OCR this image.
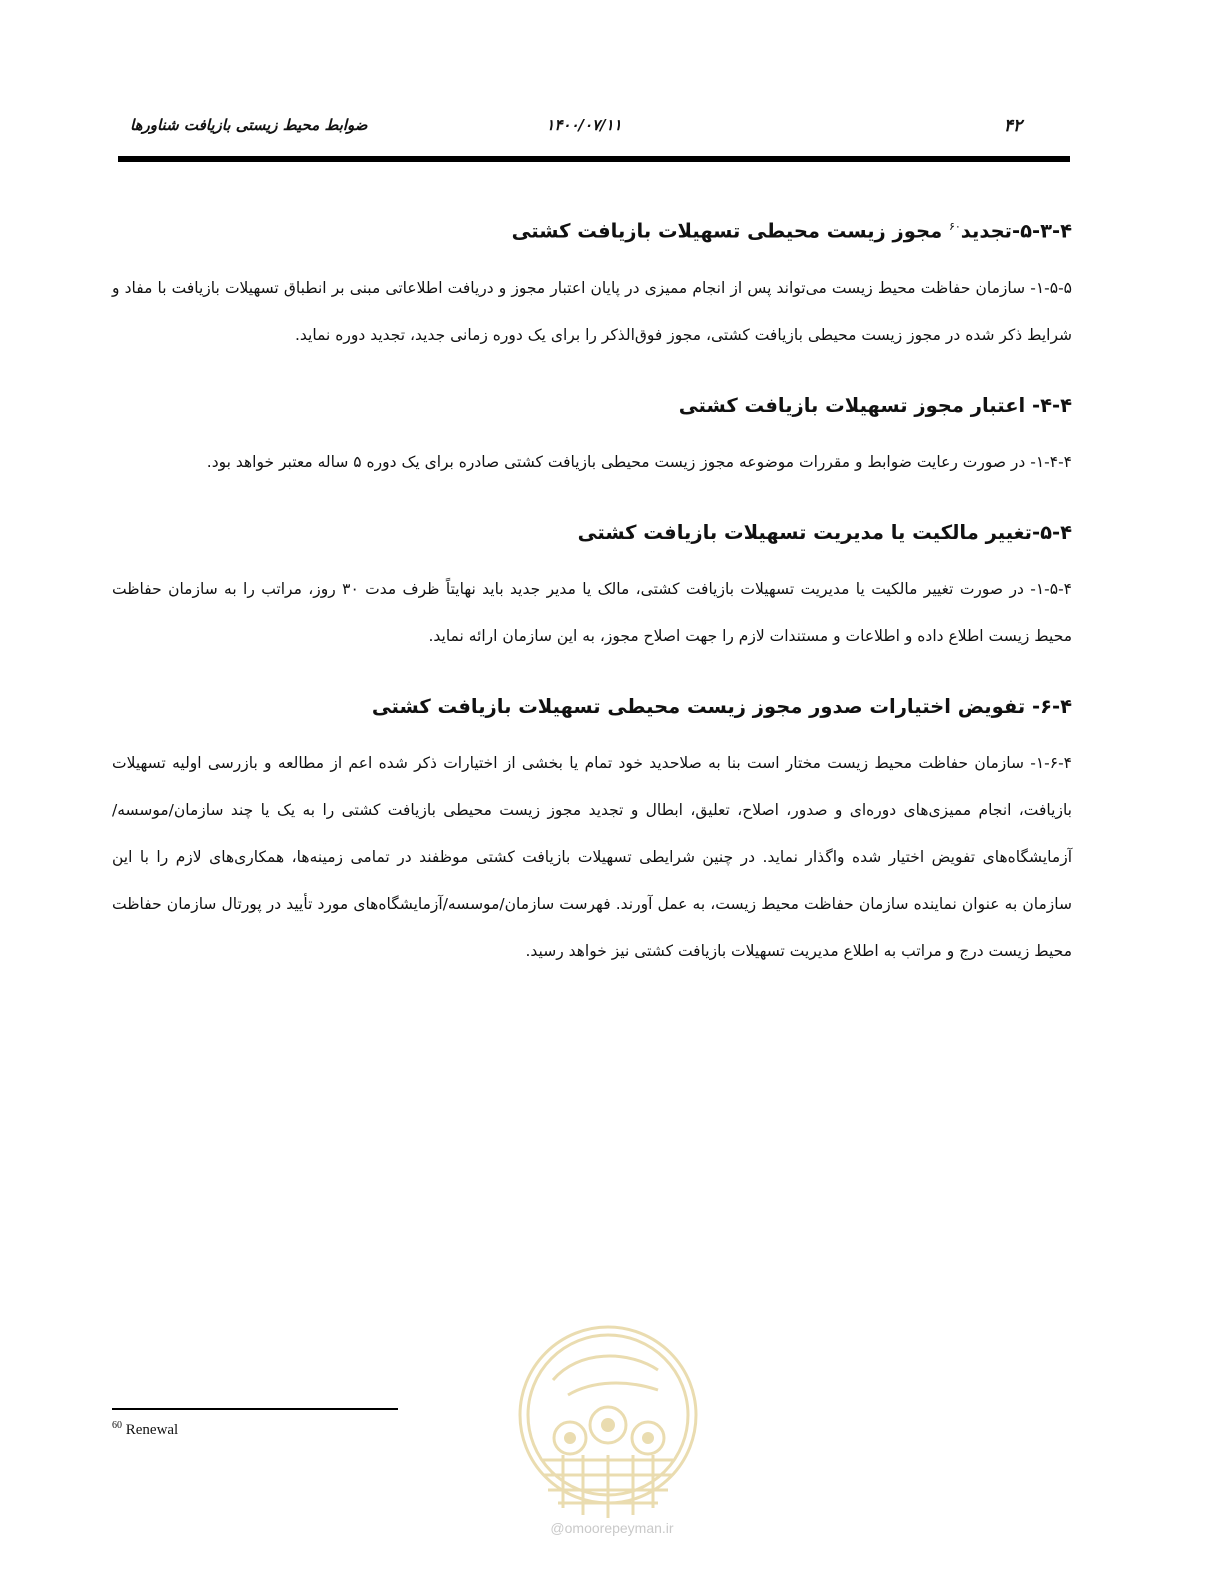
۴۲
۱۴۰۰/۰۷/۱۱
ضوابط محیط زیستی بازیافت شناورها
۵-۳-۴-تجدید$^{۶۰}$ مجوز زیست محیطی تسهیلات بازیافت کشتی

۱-۵-۵- سازمان حفاظت محیط زیست می‌تواند پس از انجام ممیزی در پایان اعتبار مجوز و دریافت اطلاعاتی مبنی بر انطباق تسهیلات بازیافت با مفاد و شرایط ذکر شده در مجوز زیست محیطی بازیافت کشتی، مجوز فوق‌الذکر را برای یک دوره زمانی جدید، تجدید دوره نماید.

۴-۴- اعتبار مجوز تسهیلات بازیافت کشتی

۱-۴-۴- در صورت رعایت ضوابط و مقررات موضوعه مجوز زیست محیطی بازیافت کشتی صادره برای یک دوره ۵ ساله معتبر خواهد بود.

۵-۴-تغییر مالکیت یا مدیریت تسهیلات بازیافت کشتی

۱-۵-۴- در صورت تغییر مالکیت یا مدیریت تسهیلات بازیافت کشتی، مالک یا مدیر جدید باید نهایتاً ظرف مدت ۳۰ روز، مراتب را به سازمان حفاظت محیط زیست اطلاع داده و اطلاعات و مستندات لازم را جهت اصلاح مجوز، به این سازمان ارائه نماید.

۶-۴- تفویض اختیارات صدور مجوز زیست محیطی تسهیلات بازیافت کشتی

۱-۶-۴- سازمان حفاظت محیط زیست مختار است بنا به صلاحدید خود تمام یا بخشی از اختیارات ذکر شده اعم از مطالعه و بازرسی اولیه تسهیلات بازیافت، انجام ممیزی‌های دوره‌ای و صدور، اصلاح، تعلیق، ابطال و تجدید مجوز زیست محیطی بازیافت کشتی را به یک یا چند سازمان/موسسه/آزمایشگاه‌های تفویض اختیار شده واگذار نماید. در چنین شرایطی تسهیلات بازیافت کشتی موظفند در تمامی زمینه‌ها، همکاری‌های لازم را با این سازمان به عنوان نماینده سازمان حفاظت محیط زیست، به عمل آورند. فهرست سازمان/موسسه/آزمایشگاه‌های مورد تأیید در پورتال سازمان حفاظت محیط زیست درج و مراتب به اطلاع مدیریت تسهیلات بازیافت کشتی نیز خواهد رسید.

$^{60}$ Renewal
@omoorepeyman.ir
